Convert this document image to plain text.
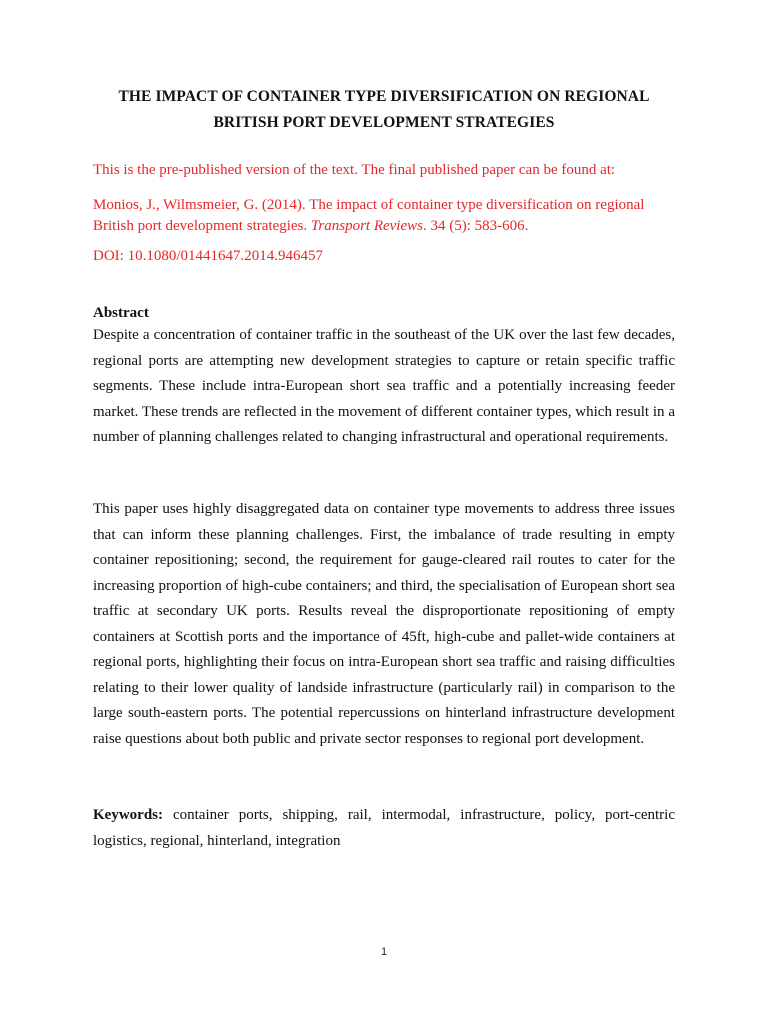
THE IMPACT OF CONTAINER TYPE DIVERSIFICATION ON REGIONAL
BRITISH PORT DEVELOPMENT STRATEGIES
This is the pre-published version of the text. The final published paper can be found at:
Monios, J., Wilmsmeier, G. (2014). The impact of container type diversification on regional British port development strategies. Transport Reviews. 34 (5): 583-606.
DOI: 10.1080/01441647.2014.946457
Abstract

Despite a concentration of container traffic in the southeast of the UK over the last few decades, regional ports are attempting new development strategies to capture or retain specific traffic segments. These include intra-European short sea traffic and a potentially increasing feeder market. These trends are reflected in the movement of different container types, which result in a number of planning challenges related to changing infrastructural and operational requirements.

This paper uses highly disaggregated data on container type movements to address three issues that can inform these planning challenges. First, the imbalance of trade resulting in empty container repositioning; second, the requirement for gauge-cleared rail routes to cater for the increasing proportion of high-cube containers; and third, the specialisation of European short sea traffic at secondary UK ports. Results reveal the disproportionate repositioning of empty containers at Scottish ports and the importance of 45ft, high-cube and pallet-wide containers at regional ports, highlighting their focus on intra-European short sea traffic and raising difficulties relating to their lower quality of landside infrastructure (particularly rail) in comparison to the large south-eastern ports. The potential repercussions on hinterland infrastructure development raise questions about both public and private sector responses to regional port development.

Keywords: container ports, shipping, rail, intermodal, infrastructure, policy, port-centric logistics, regional, hinterland, integration

1
